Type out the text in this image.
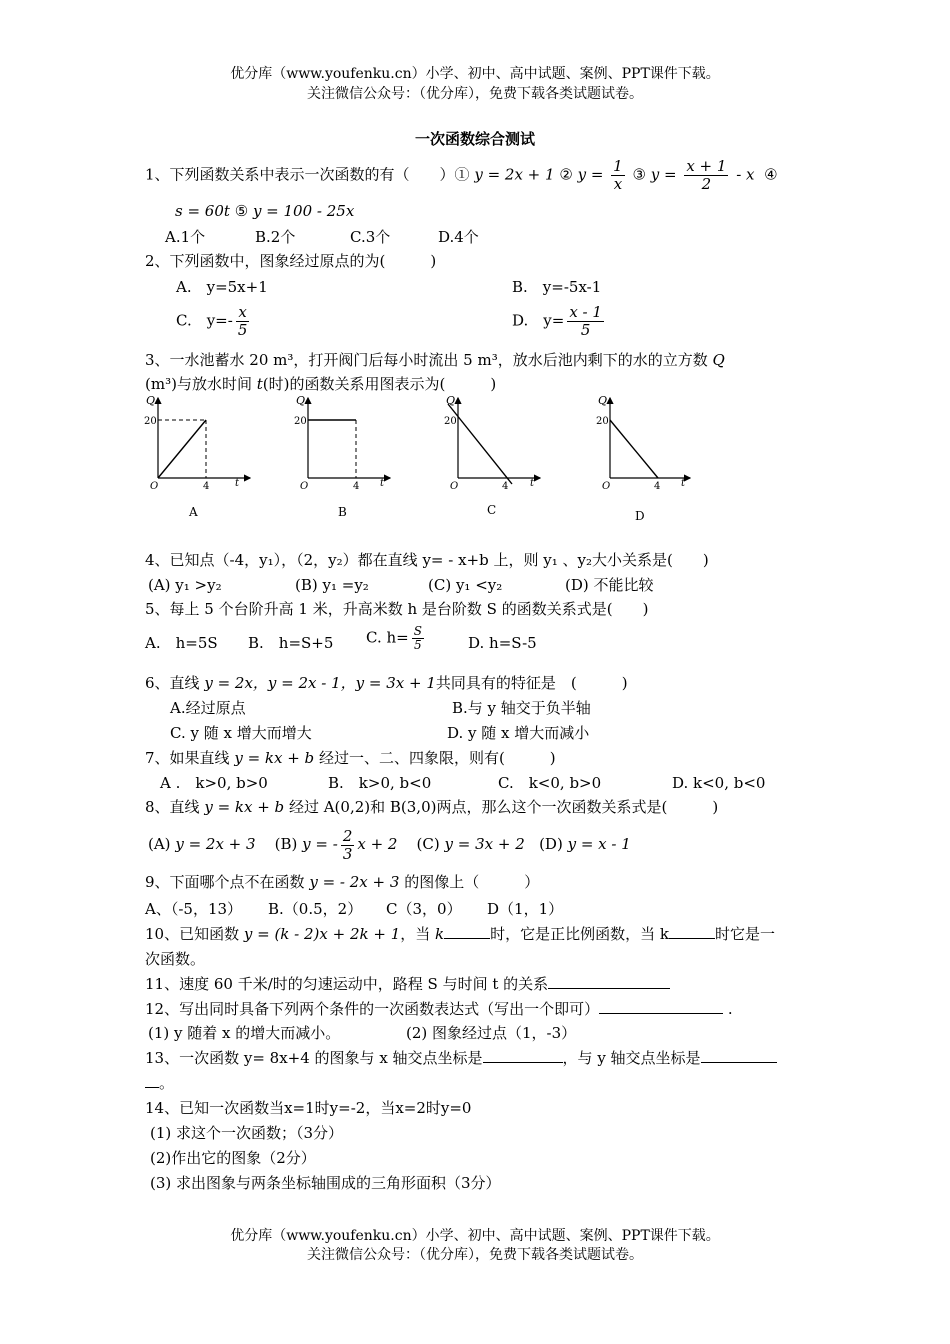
优分库（www.youfenku.cn）小学、初中、高中试题、案例、PPT课件下载。
关注微信公众号：（优分库），免费下载各类试题试卷。
一次函数综合测试
1、下列函数关系中表示一次函数的有（　　）① y = 2x + 1 ② $y = \frac{1}{x}$ ③ $y = \frac{x + 1}{2} - x$ ④
s = 60t ⑤ y = 100 - 25x
A.1个	B.2个	C.3个	D.4个
2、下列函数中，图象经过原点的为(　　　)
A.　y=5x+1	B.　y=-5x-1
C.　$y=- \frac{x}{5}$	D.　$y= \frac{x - 1}{5}$
3、一水池蓄水 20 m³，打开阀门后每小时流出 5 m³，放水后池内剩下的水的立方数 Q
(m³)与放水时间 t(时)的函数关系用图表示为(　　　)
Q
20
O	4	t
A
Q
20
O	4 t
B
Q
20
O	4 t
C
Q
20
O	4 t
D
4、已知点（-4，y₁），（2，y₂）都在直线 y= - x+b 上，则 y₁ 、y₂大小关系是(　　)
(A) y₁ >y₂	(B) y₁ =y₂	(C) y₁ <y₂	(D) 不能比较
5、每上 5 个台阶升高 1 米，升高米数 h 是台阶数 S 的函数关系式是(　　)
A.　h=5S B.　h=S+5 C. $h= \frac{S}{5}$	D. h=S-5
6、直线 y = 2x，y = 2x - 1，y = 3x + 1共同具有的特征是　(　　　)
A.经过原点	B.与 y 轴交于负半轴
C. y 随 x 增大而增大	D. y 随 x 增大而减小
7、如果直线 y = kx + b 经过一、二、四象限，则有(　　　)
A .　k>0, b>0	B.　k>0, b<0	C.　k<0, b>0	D. k<0, b<0
8、直线 y = kx + b 经过 A(0,2)和 B(3,0)两点，那么这个一次函数关系式是(　　　)
(A) y = 2x + 3 (B) y = - $\frac{2}{3}$ x + 2 (C) y = 3x + 2 (D) y = x - 1
9、下面哪个点不在函数 y = - 2x + 3 的图像上（　　　）
A、（-5，13） B.（0.5，2） C（3，0） D（1，1）
10、已知函数 y = (k - 2)x + 2k + 1，当 k	时，它是正比例函数，当 k	时它是一
次函数。
11、速度 60 千米/时的匀速运动中，路程 S 与时间 t 的关系
12、写出同时具备下列两个条件的一次函数表达式（写出一个即可）	.
(1) y 随着 x 的增大而减小。	(2) 图象经过点（1，-3）
13、一次函数 y= 8x+4 的图象与 x 轴交点坐标是	，与 y 轴交点坐标是
。
14、已知一次函数当x=1时y=-2，当x=2时y=0
(1) 求这个一次函数；（3分）
(2)作出它的图象（2分）
(3) 求出图象与两条坐标轴围成的三角形面积（3分）
优分库（www.youfenku.cn）小学、初中、高中试题、案例、PPT课件下载。
关注微信公众号：（优分库），免费下载各类试题试卷。
